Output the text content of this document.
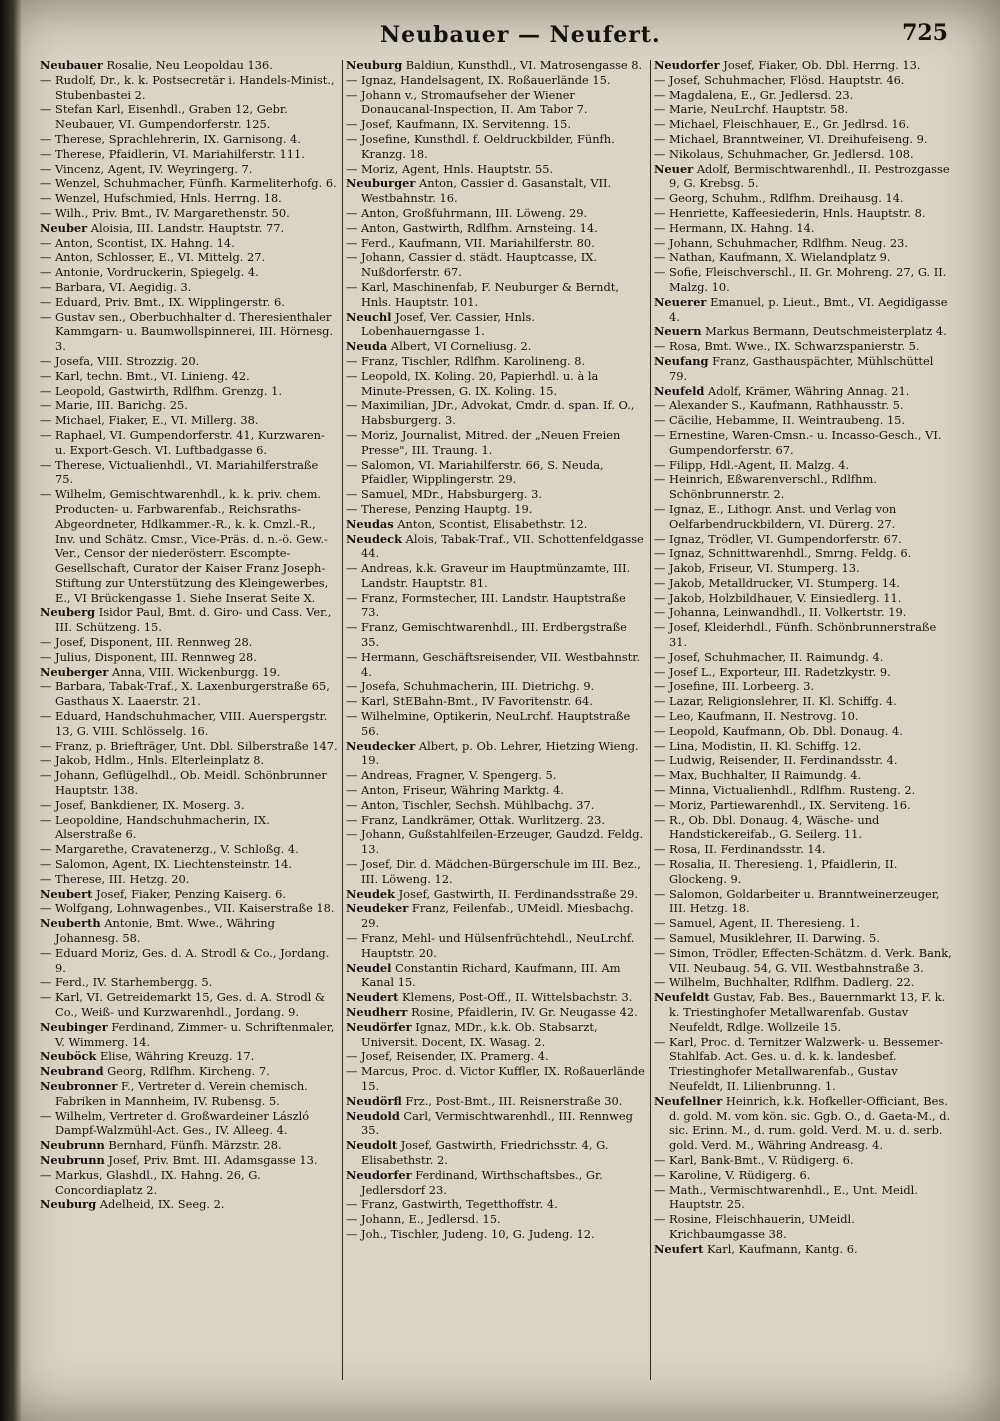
Neubauer — Neufert.	725

Neubauer Rosalie, Neu Leopoldau 136.

— Rudolf, Dr., k. k. Postsecretär i. Handels-Minist., Stubenbastei 2.

— Stefan Karl, Eisenhdl., Graben 12, Gebr. Neubauer, VI. Gumpendorferstr. 125.

— Therese, Sprachlehrerin, IX. Garnisong. 4.

— Therese, Pfaidlerin, VI. Mariahilferstr. 111.

— Vincenz, Agent, IV. Weyringerg. 7.

— Wenzel, Schuhmacher, Fünfh. Karmeliterhofg. 6.

— Wenzel, Hufschmied, Hnls. Herrng. 18.

— Wilh., Priv. Bmt., IV. Margarethenstr. 50.

Neuber Aloisia, III. Landstr. Hauptstr. 77.

— Anton, Scontist, IX. Hahng. 14.

— Anton, Schlosser, E., VI. Mittelg. 27.

— Antonie, Vordruckerin, Spiegelg. 4.

— Barbara, VI. Aegidig. 3.

— Eduard, Priv. Bmt., IX. Wipplingerstr. 6.

— Gustav sen., Oberbuchhalter d. Theresienthaler Kammgarn- u. Baumwollspinnerei, III. Hörnesg. 3.

— Josefa, VIII. Strozzig. 20.

— Karl, techn. Bmt., VI. Linieng. 42.

— Leopold, Gastwirth, Rdlfhm. Grenzg. 1.

— Marie, III. Barichg. 25.

— Michael, Fiaker, E., VI. Millerg. 38.

— Raphael, VI. Gumpendorferstr. 41, Kurzwaren- u. Export-Gesch. VI. Luftbadgasse 6.

— Therese, Victualienhdl., VI. Mariahilferstraße 75.

— Wilhelm, Gemischtwarenhdl., k. k. priv. chem. Producten- u. Farbwarenfab., Reichsraths-Abgeordneter, Hdlkammer.-R., k. k. Cmzl.-R., Inv. und Schätz. Cmsr., Vice-Präs. d. n.-ö. Gew.-Ver., Censor der niederösterr. Escompte-Gesellschaft, Curator der Kaiser Franz Joseph-Stiftung zur Unterstützung des Kleingewerbes, E., VI Brückengasse 1. Siehe Inserat Seite X.

Neuberg Isidor Paul, Bmt. d. Giro- und Cass. Ver., III. Schützeng. 15.

— Josef, Disponent, III. Rennweg 28.

— Julius, Disponent, III. Rennweg 28.

Neuberger Anna, VIII. Wickenburgg. 19.

— Barbara, Tabak-Traf., X. Laxenburgerstraße 65, Gasthaus X. Laaerstr. 21.

— Eduard, Handschuhmacher, VIII. Auerspergstr. 13, G. VIII. Schlösselg. 16.

— Franz, p. Briefträger, Unt. Dbl. Silberstraße 147.

— Jakob, Hdlm., Hnls. Elterleinplatz 8.

— Johann, Geflügelhdl., Ob. Meidl. Schönbrunner Hauptstr. 138.

— Josef, Bankdiener, IX. Moserg. 3.

— Leopoldine, Handschuhmacherin, IX. Alserstraße 6.

— Margarethe, Cravatenerzg., V. Schloßg. 4.

— Salomon, Agent, IX. Liechtensteinstr. 14.

— Therese, III. Hetzg. 20.

Neubert Josef, Fiaker, Penzing Kaiserg. 6.

— Wolfgang, Lohnwagenbes., VII. Kaiserstraße 18.

Neuberth Antonie, Bmt. Wwe., Währing Johannesg. 58.

— Eduard Moriz, Ges. d. A. Strodl & Co., Jordang. 9.

— Ferd., IV. Starhembergg. 5.

— Karl, VI. Getreidemarkt 15, Ges. d. A. Strodl & Co., Weiß- und Kurzwarenhdl., Jordang. 9.

Neubinger Ferdinand, Zimmer- u. Schriftenmaler, V. Wimmerg. 14.

Neuböck Elise, Währing Kreuzg. 17.

Neubrand Georg, Rdlfhm. Kircheng. 7.

Neubronner F., Vertreter d. Verein chemisch. Fabriken in Mannheim, IV. Rubensg. 5.

— Wilhelm, Vertreter d. Großwardeiner László Dampf-Walzmühl-Act. Ges., IV. Alleeg. 4.

Neubrunn Bernhard, Fünfh. Märzstr. 28.

Neubrunn Josef, Priv. Bmt. III. Adamsgasse 13.

— Markus, Glashdl., IX. Hahng. 26, G. Concordiaplatz 2.

Neuburg Adelheid, IX. Seeg. 2.

Neuburg Baldiun, Kunsthdl., VI. Matrosengasse 8.

— Ignaz, Handelsagent, IX. Roßauerlände 15.

— Johann v., Stromaufseher der Wiener Donaucanal-Inspection, II. Am Tabor 7.

— Josef, Kaufmann, IX. Servitenng. 15.

— Josefine, Kunsthdl. f. Oeldruckbilder, Fünfh. Kranzg. 18.

— Moriz, Agent, Hnls. Hauptstr. 55.

Neuburger Anton, Cassier d. Gasanstalt, VII. Westbahnstr. 16.

— Anton, Großfuhrmann, III. Löweng. 29.

— Anton, Gastwirth, Rdlfhm. Arnsteing. 14.

— Ferd., Kaufmann, VII. Mariahilferstr. 80.

— Johann, Cassier d. städt. Hauptcasse, IX. Nußdorferstr. 67.

— Karl, Maschinenfab, F. Neuburger & Berndt, Hnls. Hauptstr. 101.

Neuchl Josef, Ver. Cassier, Hnls. Lobenhauerngasse 1.

Neuda Albert, VI Corneliusg. 2.

— Franz, Tischler, Rdlfhm. Karolineng. 8.

— Leopold, IX. Koling. 20, Papierhdl. u. à la Minute-Pressen, G. IX. Koling. 15.

— Maximilian, JDr., Advokat, Cmdr. d. span. If. O., Habsburgerg. 3.

— Moriz, Journalist, Mitred. der „Neuen Freien Presse", III. Traung. 1.

— Salomon, VI. Mariahilferstr. 66, S. Neuda, Pfaidler, Wipplingerstr. 29.

— Samuel, MDr., Habsburgerg. 3.

— Therese, Penzing Hauptg. 19.

Neudas Anton, Scontist, Elisabethstr. 12.

Neudeck Alois, Tabak-Traf., VII. Schottenfeldgasse 44.

— Andreas, k.k. Graveur im Hauptmünzamte, III. Landstr. Hauptstr. 81.

— Franz, Formstecher, III. Landstr. Hauptstraße 73.

— Franz, Gemischtwarenhdl., III. Erdbergstraße 35.

— Hermann, Geschäftsreisender, VII. Westbahnstr. 4.

— Josefa, Schuhmacherin, III. Dietrichg. 9.

— Karl, StEBahn-Bmt., IV Favoritenstr. 64.

— Wilhelmine, Optikerin, NeuLrchf. Hauptstraße 56.

Neudecker Albert, p. Ob. Lehrer, Hietzing Wieng. 19.

— Andreas, Fragner, V. Spengerg. 5.

— Anton, Friseur, Währing Marktg. 4.

— Anton, Tischler, Sechsh. Mühlbachg. 37.

— Franz, Landkrämer, Ottak. Wurlitzerg. 23.

— Johann, Gußstahlfeilen-Erzeuger, Gaudzd. Feldg. 13.

— Josef, Dir. d. Mädchen-Bürgerschule im III. Bez., III. Löweng. 12.

Neudek Josef, Gastwirth, II. Ferdinandsstraße 29.

Neudeker Franz, Feilenfab., UMeidl. Miesbachg. 29.

— Franz, Mehl- und Hülsenfrüchtehdl., NeuLrchf. Hauptstr. 20.

Neudel Constantin Richard, Kaufmann, III. Am Kanal 15.

Neudert Klemens, Post-Off., II. Wittelsbachstr. 3.

Neudherr Rosine, Pfaidlerin, IV. Gr. Neugasse 42.

Neudörfer Ignaz, MDr., k.k. Ob. Stabsarzt, Universit. Docent, IX. Wasag. 2.

— Josef, Reisender, IX. Pramerg. 4.

— Marcus, Proc. d. Victor Kuffler, IX. Roßauerlände 15.

Neudörfl Frz., Post-Bmt., III. Reisnerstraße 30.

Neudold Carl, Vermischtwarenhdl., III. Rennweg 35.

Neudolt Josef, Gastwirth, Friedrichsstr. 4, G. Elisabethstr. 2.

Neudorfer Ferdinand, Wirthschaftsbes., Gr. Jedlersdorf 23.

— Franz, Gastwirth, Tegetthoffstr. 4.

— Johann, E., Jedlersd. 15.

— Joh., Tischler, Judeng. 10, G. Judeng. 12.

Neudorfer Josef, Fiaker, Ob. Dbl. Herrng. 13.

— Josef, Schuhmacher, Flösd. Hauptstr. 46.

— Magdalena, E., Gr. Jedlersd. 23.

— Marie, NeuLrchf. Hauptstr. 58.

— Michael, Fleischhauer, E., Gr. Jedlrsd. 16.

— Michael, Branntweiner, VI. Dreihufeiseng. 9.

— Nikolaus, Schuhmacher, Gr. Jedlersd. 108.

Neuer Adolf, Bermischtwarenhdl., II. Pestrozgasse 9, G. Krebsg. 5.

— Georg, Schuhm., Rdlfhm. Dreihausg. 14.

— Henriette, Kaffeesiederin, Hnls. Hauptstr. 8.

— Hermann, IX. Hahng. 14.

— Johann, Schuhmacher, Rdlfhm. Neug. 23.

— Nathan, Kaufmann, X. Wielandplatz 9.

— Sofie, Fleischverschl., II. Gr. Mohreng. 27, G. II. Malzg. 10.

Neuerer Emanuel, p. Lieut., Bmt., VI. Aegidigasse 4.

Neuern Markus Bermann, Deutschmeisterplatz 4.

— Rosa, Bmt. Wwe., IX. Schwarzspanierstr. 5.

Neufang Franz, Gasthauspächter, Mühlschüttel 79.

Neufeld Adolf, Krämer, Währing Annag. 21.

— Alexander S., Kaufmann, Rathhausstr. 5.

— Cäcilie, Hebamme, II. Weintraubeng. 15.

— Ernestine, Waren-Cmsn.- u. Incasso-Gesch., VI. Gumpendorferstr. 67.

— Filipp, Hdl.-Agent, II. Malzg. 4.

— Heinrich, Eßwarenverschl., Rdlfhm. Schönbrunnerstr. 2.

— Ignaz, E., Lithogr. Anst. und Verlag von Oelfarbendruckbildern, VI. Dürerg. 27.

— Ignaz, Trödler, VI. Gumpendorferstr. 67.

— Ignaz, Schnittwarenhdl., Smrng. Feldg. 6.

— Jakob, Friseur, VI. Stumperg. 13.

— Jakob, Metalldrucker, VI. Stumperg. 14.

— Jakob, Holzbildhauer, V. Einsiedlerg. 11.

— Johanna, Leinwandhdl., II. Volkertstr. 19.

— Josef, Kleiderhdl., Fünfh. Schönbrunnerstraße 31.

— Josef, Schuhmacher, II. Raimundg. 4.

— Josef L., Exporteur, III. Radetzkystr. 9.

— Josefine, III. Lorbeerg. 3.

— Lazar, Religionslehrer, II. Kl. Schiffg. 4.

— Leo, Kaufmann, II. Nestrovg. 10.

— Leopold, Kaufmann, Ob. Dbl. Donaug. 4.

— Lina, Modistin, II. Kl. Schiffg. 12.

— Ludwig, Reisender, II. Ferdinandsstr. 4.

— Max, Buchhalter, II Raimundg. 4.

— Minna, Victualienhdl., Rdlfhm. Rusteng. 2.

— Moriz, Partiewarenhdl., IX. Serviteng. 16.

— R., Ob. Dbl. Donaug. 4, Wäsche- und Handstickereifab., G. Seilerg. 11.

— Rosa, II. Ferdinandsstr. 14.

— Rosalia, II. Theresieng. 1, Pfaidlerin, II. Glockeng. 9.

— Salomon, Goldarbeiter u. Branntweinerzeuger, III. Hetzg. 18.

— Samuel, Agent, II. Theresieng. 1.

— Samuel, Musiklehrer, II. Darwing. 5.

— Simon, Trödler, Effecten-Schätzm. d. Verk. Bank, VII. Neubaug. 54, G. VII. Westbahnstraße 3.

— Wilhelm, Buchhalter, Rdlfhm. Dadlerg. 22.

Neufeldt Gustav, Fab. Bes., Bauernmarkt 13, F. k. k. Triestinghofer Metallwarenfab. Gustav Neufeldt, Rdlge. Wollzeile 15.

— Karl, Proc. d. Ternitzer Walzwerk- u. Bessemer-Stahlfab. Act. Ges. u. d. k. k. landesbef. Triestinghofer Metallwarenfab., Gustav Neufeldt, II. Lilienbrunng. 1.

Neufellner Heinrich, k.k. Hofkeller-Officiant, Bes. d. gold. M. vom kön. sic. Ggb. O., d. Gaeta-M., d. sic. Erinn. M., d. rum. gold. Verd. M. u. d. serb. gold. Verd. M., Währing Andreasg. 4.

— Karl, Bank-Bmt., V. Rüdigerg. 6.

— Karoline, V. Rüdigerg. 6.

— Math., Vermischtwarenhdl., E., Unt. Meidl. Hauptstr. 25.

— Rosine, Fleischhauerin, UMeidl. Krichbaumgasse 38.

Neufert Karl, Kaufmann, Kantg. 6.
